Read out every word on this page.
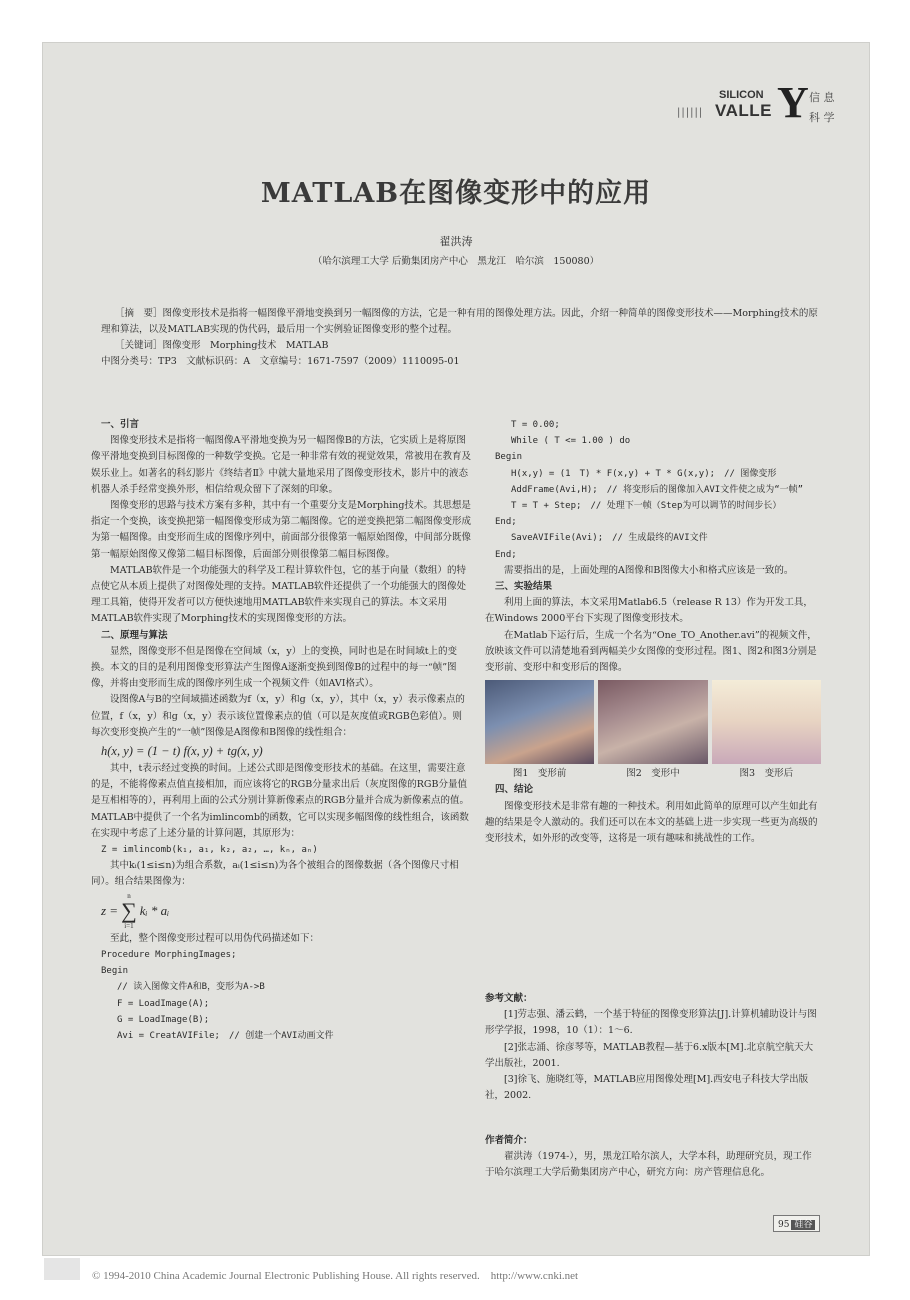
||||||
SILICON
VALLE Y 信 息
科 学
MATLAB在图像变形中的应用
翟洪涛
（哈尔滨理工大学 后勤集团房产中心　黑龙江　哈尔滨　150080）

［摘　要］图像变形技术是指将一幅图像平滑地变换到另一幅图像的方法，它是一种有用的图像处理方法。因此，介绍一种简单的图像变形技术——Morphing技术的原理和算法，以及MATLAB实现的伪代码，最后用一个实例验证图像变形的整个过程。

［关键词］图像变形　Morphing技术　MATLAB

中图分类号：TP3　文献标识码：A　文章编号：1671-7597（2009）1110095-01

一、引言

图像变形技术是指将一幅图像A平滑地变换为另一幅图像B的方法，它实质上是将原图像平滑地变换到目标图像的一种数学变换。它是一种非常有效的视觉效果，常被用在教育及娱乐业上。如著名的科幻影片《终结者Ⅱ》中就大量地采用了图像变形技术，影片中的液态机器人杀手经常变换外形，相信给观众留下了深刻的印象。

图像变形的思路与技术方案有多种，其中有一个重要分支是Morphing技术。其思想是指定一个变换，该变换把第一幅图像变形成为第二幅图像。它的逆变换把第二幅图像变形成为第一幅图像。由变形而生成的图像序列中，前面部分很像第一幅原始图像，中间部分既像第一幅原始图像又像第二幅目标图像，后面部分则很像第二幅目标图像。

MATLAB软件是一个功能强大的科学及工程计算软件包，它的基于向量（数组）的特点使它从本质上提供了对图像处理的支持。MATLAB软件还提供了一个功能强大的图像处理工具箱，使得开发者可以方便快速地用MATLAB软件来实现自己的算法。本文采用MATLAB软件实现了Morphing技术的实现图像变形的方法。

二、原理与算法

显然，图像变形不但是图像在空间域（x，y）上的变换，同时也是在时间域t上的变换。本文的目的是利用图像变形算法产生图像A逐渐变换到图像B的过程中的每一“帧”图像，并将由变形而生成的图像序列生成一个视频文件（如AVI格式）。

设图像A与B的空间域描述函数为f（x，y）和g（x，y），其中（x，y）表示像素点的位置，f（x，y）和g（x，y）表示该位置像素点的值（可以是灰度值或RGB色彩值）。则每次变形变换产生的“一帧”图像是A图像和B图像的线性组合：

h(x, y) = (1 − t) f(x, y) + tg(x, y)

其中，t表示经过变换的时间。上述公式即是图像变形技术的基础。在这里，需要注意的是，不能将像素点值直接相加，而应该将它的RGB分量求出后（灰度图像的RGB分量值是互相相等的），再利用上面的公式分别计算新像素点的RGB分量并合成为新像素点的值。MATLAB中提供了一个名为imlincomb的函数，它可以实现多幅图像的线性组合，该函数在实现中考虑了上述分量的计算问题，其原形为：

Z = imlincomb(k₁, a₁, k₂, a₂, …, kₙ, aₙ)

其中kᵢ(1≤i≤n)为组合系数，aᵢ(1≤i≤n)为各个被组合的图像数据（各个图像尺寸相同）。组合结果图像为：

z =
n
∑
i=1
kᵢ * aᵢ

至此，整个图像变形过程可以用伪代码描述如下：

Procedure MorphingImages;

Begin

// 读入图像文件A和B，变形为A->B

F = LoadImage(A);

G = LoadImage(B);

Avi = CreatAVIFile;　// 创建一个AVI动画文件

T = 0.00;

While ( T <= 1.00 ) do

Begin

H(x,y) = (1　T) * F(x,y) + T * G(x,y);　// 图像变形

AddFrame(Avi,H);　// 将变形后的图像加入AVI文件使之成为“一帧”

T = T + Step;　// 处理下一帧（Step为可以调节的时间步长）

End;

SaveAVIFile(Avi);　// 生成最终的AVI文件

End;

需要指出的是，上面处理的A图像和B图像大小和格式应该是一致的。

三、实验结果

利用上面的算法，本文采用Matlab6.5（release R 13）作为开发工具，在Windows 2000平台下实现了图像变形技术。

在Matlab下运行后，生成一个名为“One_TO_Another.avi”的视频文件，放映该文件可以清楚地看到两幅美少女图像的变形过程。图1、图2和图3分别是变形前、变形中和变形后的图像。

图1　变形前	图2　变形中	图3　变形后

四、结论

图像变形技术是非常有趣的一种技术。利用如此简单的原理可以产生如此有趣的结果是令人激动的。我们还可以在本文的基础上进一步实现一些更为高级的变形技术，如外形的改变等，这将是一项有趣味和挑战性的工作。

参考文献：

[1]劳志强、潘云鹤，一个基于特征的图像变形算法[J].计算机辅助设计与图形学学报，1998，10（1）：1～6.

[2]张志涌、徐彦琴等，MATLAB教程—基于6.x版本[M].北京航空航天大学出版社，2001.

[3]徐飞、施晓红等，MATLAB应用图像处理[M].西安电子科技大学出版社，2002.

作者简介：

翟洪涛（1974-），男，黑龙江哈尔滨人，大学本科，助理研究员，现工作于哈尔滨理工大学后勤集团房产中心，研究方向：房产管理信息化。

95 硅谷
© 1994-2010 China Academic Journal Electronic Publishing House. All rights reserved.　http://www.cnki.net
